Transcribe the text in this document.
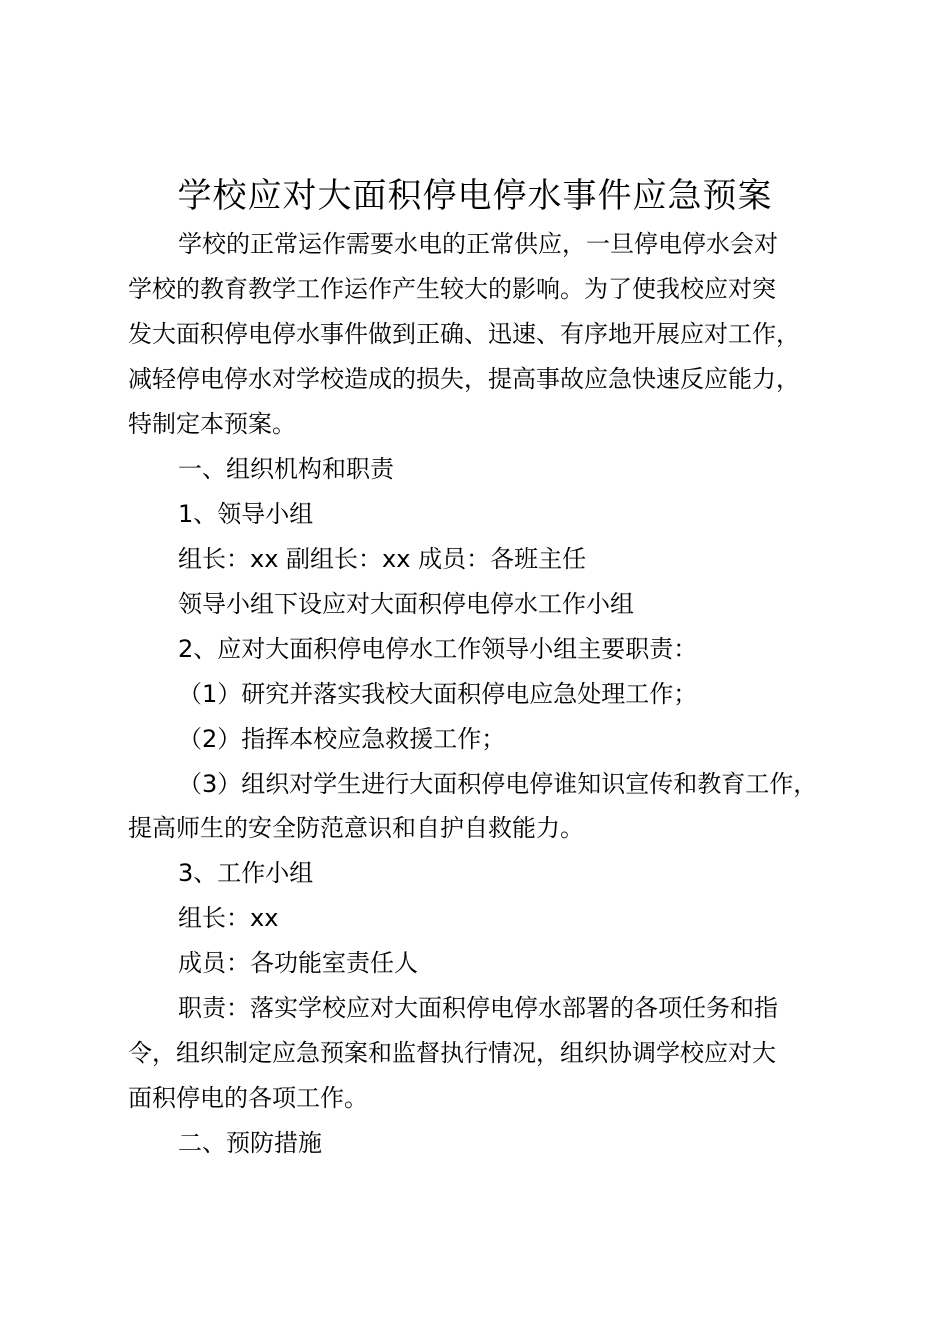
学校应对大面积停电停水事件应急预案
学校的正常运作需要水电的正常供应，一旦停电停水会对
学校的教育教学工作运作产生较大的影响。为了使我校应对突
发大面积停电停水事件做到正确、迅速、有序地开展应对工作，
减轻停电停水对学校造成的损失，提高事故应急快速反应能力，
特制定本预案。
一、组织机构和职责
1、领导小组
组长：xx 副组长：xx 成员：各班主任
领导小组下设应对大面积停电停水工作小组
2、应对大面积停电停水工作领导小组主要职责：
（1）研究并落实我校大面积停电应急处理工作；
（2）指挥本校应急救援工作；
（3）组织对学生进行大面积停电停谁知识宣传和教育工作，
提高师生的安全防范意识和自护自救能力。
3、工作小组
组长：xx
成员：各功能室责任人
职责：落实学校应对大面积停电停水部署的各项任务和指
令，组织制定应急预案和监督执行情况，组织协调学校应对大
面积停电的各项工作。
二、预防措施
